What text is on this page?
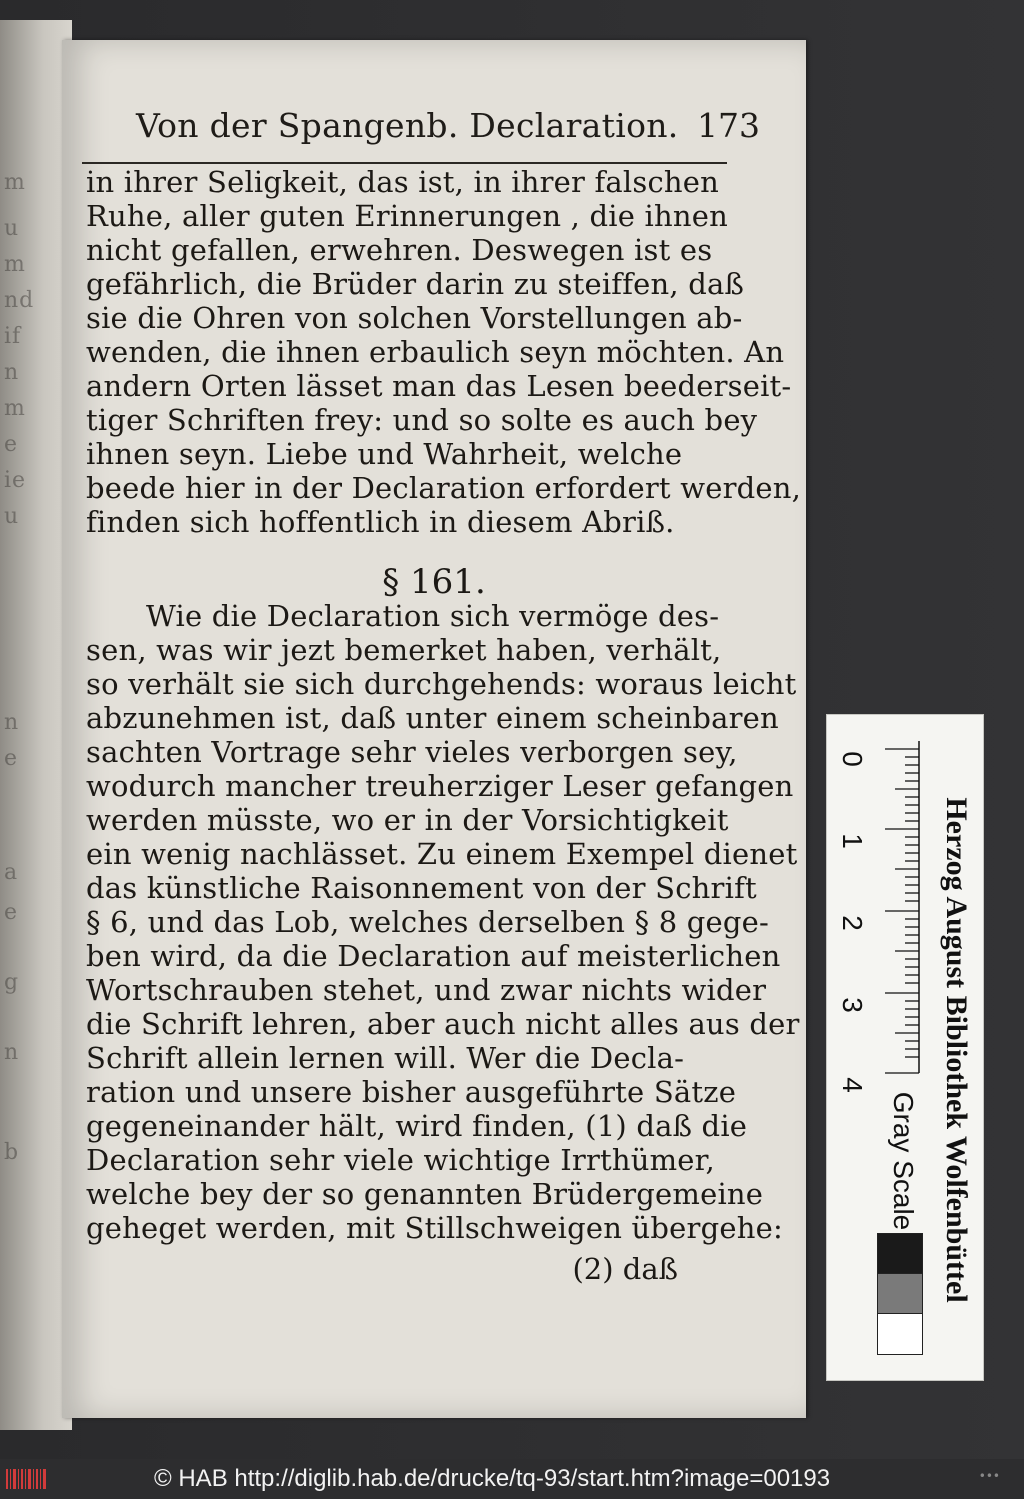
m
u
m
nd
if
n
m
e
ie
u
n
e
a
e
g
n
b
Von der Spangenb. Declaration. 173
in ihrer Seligkeit, das ist, in ihrer falschen
Ruhe, aller guten Erinnerungen , die ihnen
nicht gefallen, erwehren. Deswegen ist es
gefährlich, die Brüder darin zu steiffen, daß
sie die Ohren von solchen Vorstellungen ab-
wenden, die ihnen erbaulich seyn möchten. An
andern Orten lässet man das Lesen beederseit-
tiger Schriften frey: und so solte es auch bey
ihnen seyn. Liebe und Wahrheit, welche
beede hier in der Declaration erfordert werden,
finden sich hoffentlich in diesem Abriß.
§ 161.
Wie die Declaration sich vermöge des-
sen, was wir jezt bemerket haben, verhält,
so verhält sie sich durchgehends: woraus leicht
abzunehmen ist, daß unter einem scheinbaren
sachten Vortrage sehr vieles verborgen sey,
wodurch mancher treuherziger Leser gefangen
werden müsste, wo er in der Vorsichtigkeit
ein wenig nachlässet. Zu einem Exempel dienet
das künstliche Raisonnement von der Schrift
§ 6, und das Lob, welches derselben § 8 gege-
ben wird, da die Declaration auf meisterlichen
Wortschrauben stehet, und zwar nichts wider
die Schrift lehren, aber auch nicht alles aus der
Schrift allein lernen will. Wer die Decla-
ration und unsere bisher ausgeführte Sätze
gegeneinander hält, wird finden, (1) daß die
Declaration sehr viele wichtige Irrthümer,
welche bey der so genannten Brüdergemeine
geheget werden, mit Stillschweigen übergehe:
(2) daß
0
1
2
3
4
Gray Scale Herzog August Bibliothek Wolfenbüttel
© HAB http://diglib.hab.de/drucke/tq-93/start.htm?image=00193	•••
